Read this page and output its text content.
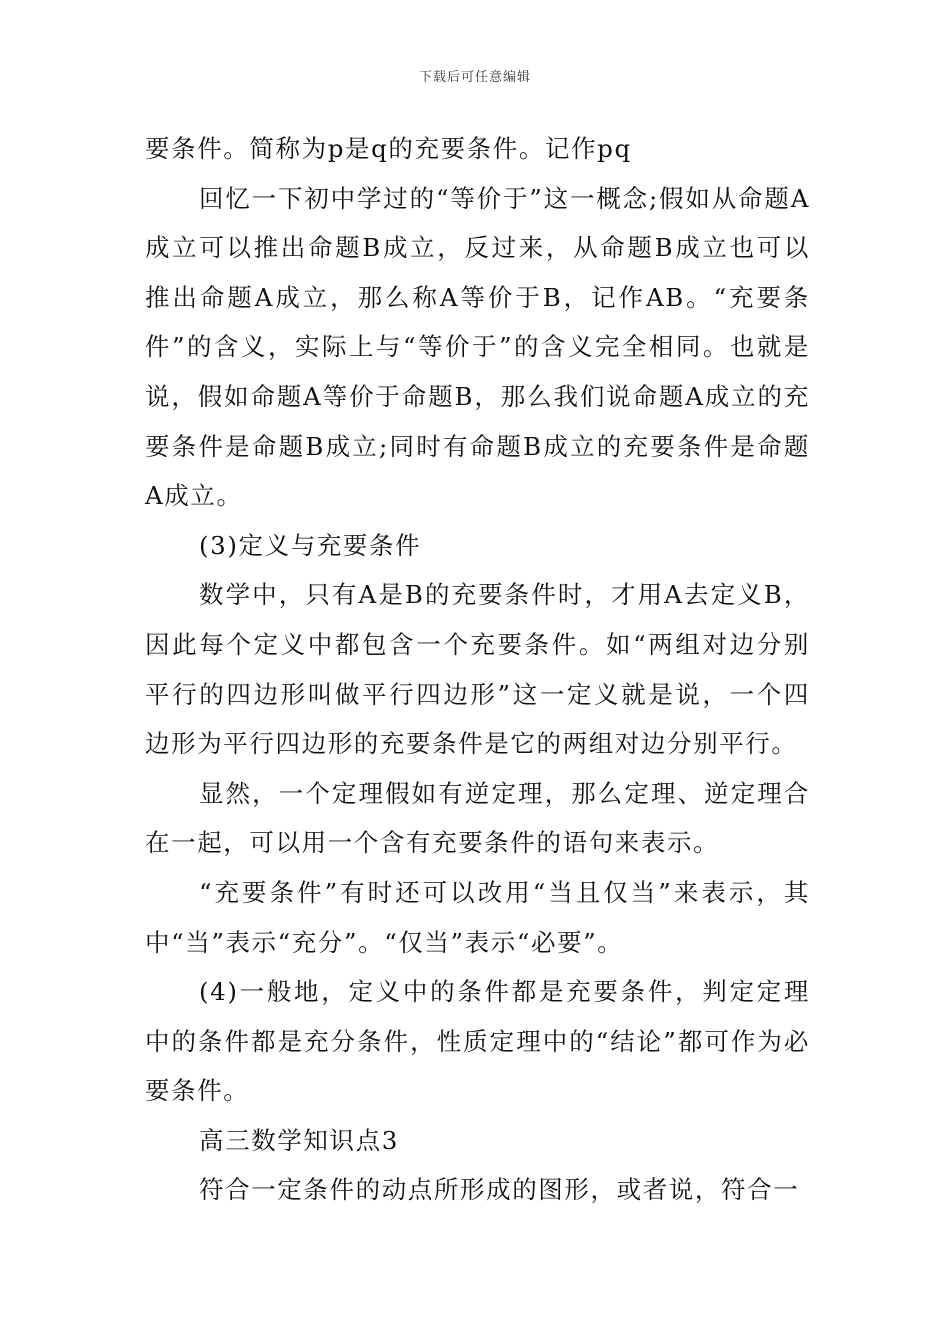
下载后可任意编辑

要条件。简称为p是q的充要条件。记作pq

回忆一下初中学过的“等价于”这一概念;假如从命题A成立可以推出命题B成立，反过来，从命题B成立也可以推出命题A成立，那么称A等价于B，记作AB。“充要条件”的含义，实际上与“等价于”的含义完全相同。也就是说，假如命题A等价于命题B，那么我们说命题A成立的充要条件是命题B成立;同时有命题B成立的充要条件是命题A成立。

(3)定义与充要条件

数学中，只有A是B的充要条件时，才用A去定义B，因此每个定义中都包含一个充要条件。如“两组对边分别平行的四边形叫做平行四边形”这一定义就是说，一个四边形为平行四边形的充要条件是它的两组对边分别平行。

显然，一个定理假如有逆定理，那么定理、逆定理合在一起，可以用一个含有充要条件的语句来表示。

“充要条件”有时还可以改用“当且仅当”来表示，其中“当”表示“充分”。“仅当”表示“必要”。

(4)一般地，定义中的条件都是充要条件，判定定理中的条件都是充分条件，性质定理中的“结论”都可作为必要条件。

高三数学知识点3

符合一定条件的动点所形成的图形，或者说，符合一
